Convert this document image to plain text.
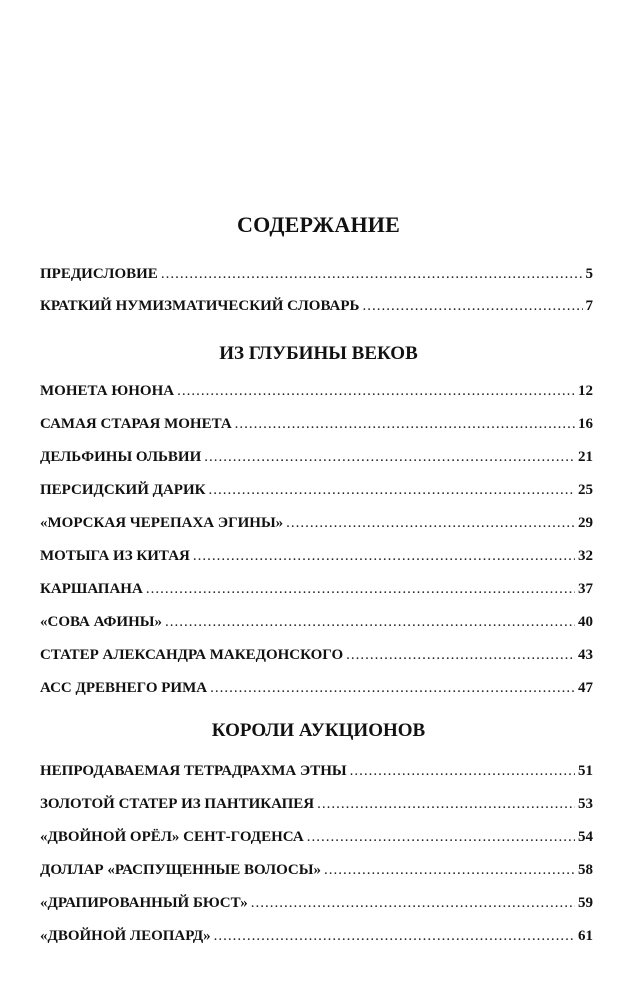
СОДЕРЖАНИЕ
ПРЕДИСЛОВИЕ .....	5
КРАТКИЙ НУМИЗМАТИЧЕСКИЙ СЛОВАРЬ .....	7
ИЗ ГЛУБИНЫ ВЕКОВ
МОНЕТА ЮНОНА .....	12
САМАЯ СТАРАЯ МОНЕТА .....	16
ДЕЛЬФИНЫ ОЛЬВИИ .....	21
ПЕРСИДСКИЙ ДАРИК .....	25
«МОРСКАЯ ЧЕРЕПАХА ЭГИНЫ» .....	29
МОТЫГА ИЗ КИТАЯ .....	32
КАРШАПАНА .....	37
«СОВА АФИНЫ» .....	40
СТАТЕР АЛЕКСАНДРА МАКЕДОНСКОГО .....	43
АСС ДРЕВНЕГО РИМА .....	47
КОРОЛИ АУКЦИОНОВ
НЕПРОДАВАЕМАЯ ТЕТРАДРАХМА ЭТНЫ .....	51
ЗОЛОТОЙ СТАТЕР ИЗ ПАНТИКАПЕЯ .....	53
«ДВОЙНОЙ ОРЁЛ» СЕНТ-ГОДЕНСА .....	54
ДОЛЛАР «РАСПУЩЕННЫЕ ВОЛОСЫ» .....	58
«ДРАПИРОВАННЫЙ БЮСТ» .....	59
«ДВОЙНОЙ ЛЕОПАРД» .....	61
